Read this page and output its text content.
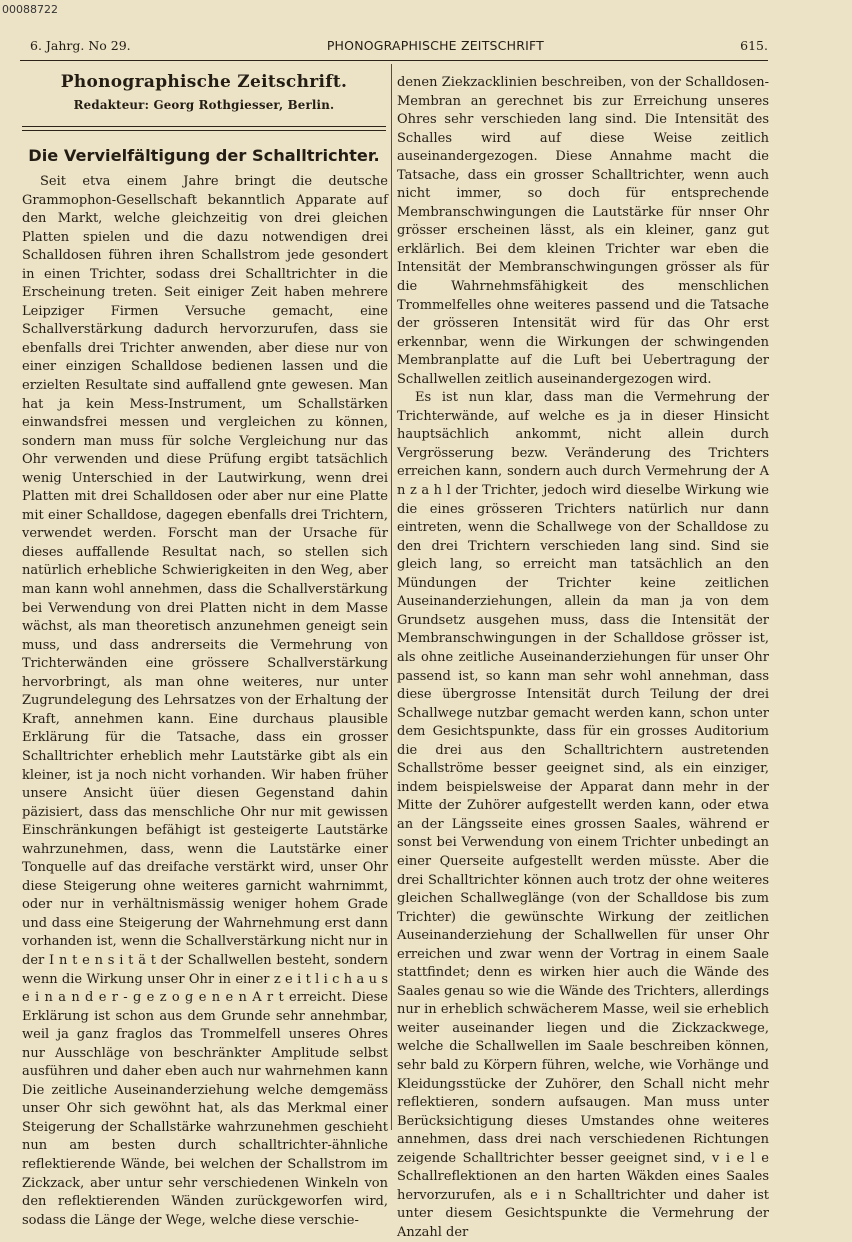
00088722
6. Jahrg. No 29.	PHONOGRAPHISCHE ZEITSCHRIFT	615.
Phonographische Zeitschrift.
Redakteur: Georg Rothgiesser, Berlin.
Die Vervielfältigung der Schalltrichter.

Seit etva einem Jahre bringt die deutsche Grammophon-Gesellschaft bekanntlich Apparate auf den Markt, welche gleichzeitig von drei gleichen Platten spielen und die dazu notwendigen drei Schalldosen führen ihren Schallstrom jede gesondert in einen Trichter, sodass drei Schalltrichter in die Erscheinung treten. Seit einiger Zeit haben mehrere Leipziger Firmen Versuche gemacht, eine Schallverstärkung dadurch hervorzurufen, dass sie ebenfalls drei Trichter anwenden, aber diese nur von einer einzigen Schalldose bedienen lassen und die erzielten Resultate sind auffallend gnte gewesen. Man hat ja kein Mess-Instrument, um Schallstärken einwandsfrei messen und vergleichen zu können, sondern man muss für solche Vergleichung nur das Ohr verwenden und diese Prüfung ergibt tatsächlich wenig Unterschied in der Lautwirkung, wenn drei Platten mit drei Schalldosen oder aber nur eine Platte mit einer Schalldose, dagegen ebenfalls drei Trichtern, verwendet werden. Forscht man der Ursache für dieses auffallende Resultat nach, so stellen sich natürlich erhebliche Schwierigkeiten in den Weg, aber man kann wohl annehmen, dass die Schallverstärkung bei Verwendung von drei Platten nicht in dem Masse wächst, als man theoretisch anzunehmen geneigt sein muss, und dass andrerseits die Vermehrung von Trichterwänden eine grössere Schallverstärkung hervorbringt, als man ohne weiteres, nur unter Zugrundelegung des Lehrsatzes von der Erhaltung der Kraft, annehmen kann. Eine durchaus plausible Erklärung für die Tatsache, dass ein grosser Schalltrichter erheblich mehr Lautstärke gibt als ein kleiner, ist ja noch nicht vorhanden. Wir haben früher unsere Ansicht üüer diesen Gegenstand dahin päzisiert, dass das menschliche Ohr nur mit gewissen Einschränkungen befähigt ist gesteigerte Lautstärke wahrzunehmen, dass, wenn die Lautstärke einer Tonquelle auf das dreifache verstärkt wird, unser Ohr diese Steigerung ohne weiteres garnicht wahrnimmt, oder nur in verhältnismässig weniger hohem Grade und dass eine Steigerung der Wahrnehmung erst dann vorhanden ist, wenn die Schallverstärkung nicht nur in der I n t e n s i t ä t der Schallwellen besteht, sondern wenn die Wirkung unser Ohr in einer z e i t l i c h a u s e i n a n d e r - g e z o g e n e n A r t erreicht. Diese Erklärung ist schon aus dem Grunde sehr annehmbar, weil ja ganz fraglos das Trommelfell unseres Ohres nur Ausschläge von beschränkter Amplitude selbst ausführen und daher eben auch nur wahrnehmen kann Die zeitliche Auseinanderziehung welche demgemäss unser Ohr sich gewöhnt hat, als das Merkmal einer Steigerung der Schallstärke wahrzunehmen geschieht nun am besten durch schalltrichter-ähnliche reflektierende Wände, bei welchen der Schallstrom im Zickzack, aber untur sehr verschiedenen Winkeln von den reflektierenden Wänden zurückgeworfen wird, sodass die Länge der Wege, welche diese verschie-

denen Ziekzacklinien beschreiben, von der Schalldosen-Membran an gerechnet bis zur Erreichung unseres Ohres sehr verschieden lang sind. Die Intensität des Schalles wird auf diese Weise zeitlich auseinandergezogen. Diese Annahme macht die Tatsache, dass ein grosser Schalltrichter, wenn auch nicht immer, so doch für entsprechende Membranschwingungen die Lautstärke für nnser Ohr grösser erscheinen lässt, als ein kleiner, ganz gut erklärlich. Bei dem kleinen Trichter war eben die Intensität der Membranschwingungen grösser als für die Wahrnehmsfähigkeit des menschlichen Trommelfelles ohne weiteres passend und die Tatsache der grösseren Intensität wird für das Ohr erst erkennbar, wenn die Wirkungen der schwingenden Membranplatte auf die Luft bei Uebertragung der Schallwellen zeitlich auseinandergezogen wird.

Es ist nun klar, dass man die Vermehrung der Trichterwände, auf welche es ja in dieser Hinsicht hauptsächlich ankommt, nicht allein durch Vergrösserung bezw. Veränderung des Trichters erreichen kann, sondern auch durch Vermehrung der A n z a h l der Trichter, jedoch wird dieselbe Wirkung wie die eines grösseren Trichters natürlich nur dann eintreten, wenn die Schallwege von der Schalldose zu den drei Trichtern verschieden lang sind. Sind sie gleich lang, so erreicht man tatsächlich an den Mündungen der Trichter keine zeitlichen Auseinanderziehungen, allein da man ja von dem Grundsetz ausgehen muss, dass die Intensität der Membranschwingungen in der Schalldose grösser ist, als ohne zeitliche Auseinanderziehungen für unser Ohr passend ist, so kann man sehr wohl annehman, dass diese übergrosse Intensität durch Teilung der drei Schallwege nutzbar gemacht werden kann, schon unter dem Gesichtspunkte, dass für ein grosses Auditorium die drei aus den Schalltrichtern austretenden Schallströme besser geeignet sind, als ein einziger, indem beispielsweise der Apparat dann mehr in der Mitte der Zuhörer aufgestellt werden kann, oder etwa an der Längsseite eines grossen Saales, während er sonst bei Verwendung von einem Trichter unbedingt an einer Querseite aufgestellt werden müsste. Aber die drei Schalltrichter können auch trotz der ohne weiteres gleichen Schallweglänge (von der Schalldose bis zum Trichter) die gewünschte Wirkung der zeitlichen Auseinanderziehung der Schallwellen für unser Ohr erreichen und zwar wenn der Vortrag in einem Saale stattfindet; denn es wirken hier auch die Wände des Saales genau so wie die Wände des Trichters, allerdings nur in erheblich schwächerem Masse, weil sie erheblich weiter auseinander liegen und die Zickzackwege, welche die Schallwellen im Saale beschreiben können, sehr bald zu Körpern führen, welche, wie Vorhänge und Kleidungsstücke der Zuhörer, den Schall nicht mehr reflektieren, sondern aufsaugen. Man muss unter Berücksichtigung dieses Umstandes ohne weiteres annehmen, dass drei nach verschiedenen Richtungen zeigende Schalltrichter besser geeignet sind, v i e l e Schallreflektionen an den harten Wäkden eines Saales hervorzurufen, als e i n Schalltrichter und daher ist unter diesem Gesichtspunkte die Vermehrung der Anzahl der
